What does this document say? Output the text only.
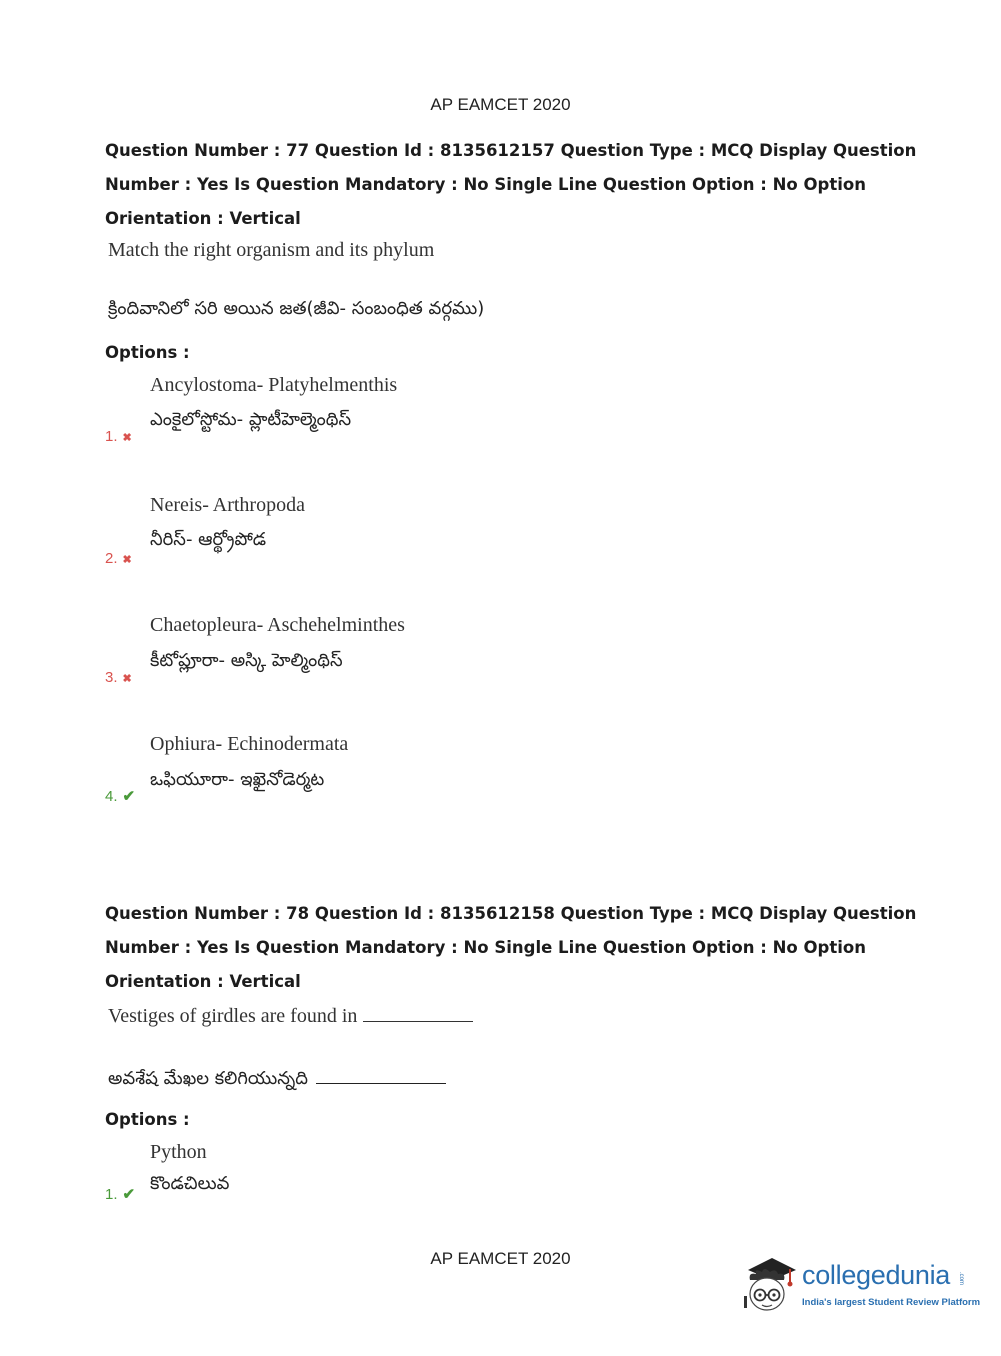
AP EAMCET 2020
Question Number : 77 Question Id : 8135612157 Question Type : MCQ Display Question
Number : Yes Is Question Mandatory : No Single Line Question Option : No Option
Orientation : Vertical
Match the right organism and its phylum
క్రిందివానిలో సరి అయిన జత(జీవి- సంబంధిత వర్గము)
Options :
Ancylostoma- Platyhelmenthis
ఎంకైలోస్టోమ- ప్లాటీహెల్మెంథిస్
1. ✖
Nereis- Arthropoda
నీరిస్- ఆర్థ్రోపోడ
2. ✖
Chaetopleura- Aschehelminthes
కీటోప్లూరా- అస్కి హెల్మింథిస్
3. ✖
Ophiura- Echinodermata
ఒఫియూరా- ఇఖైనోడెర్మట
4. ✔
Question Number : 78 Question Id : 8135612158 Question Type : MCQ Display Question
Number : Yes Is Question Mandatory : No Single Line Question Option : No Option
Orientation : Vertical
Vestiges of girdles are found in
అవశేష మేఖల కలిగియున్నది
Options :
Python
కొండచిలువ
1. ✔
AP EAMCET 2020
collegedunia .com
India's largest Student Review Platform
